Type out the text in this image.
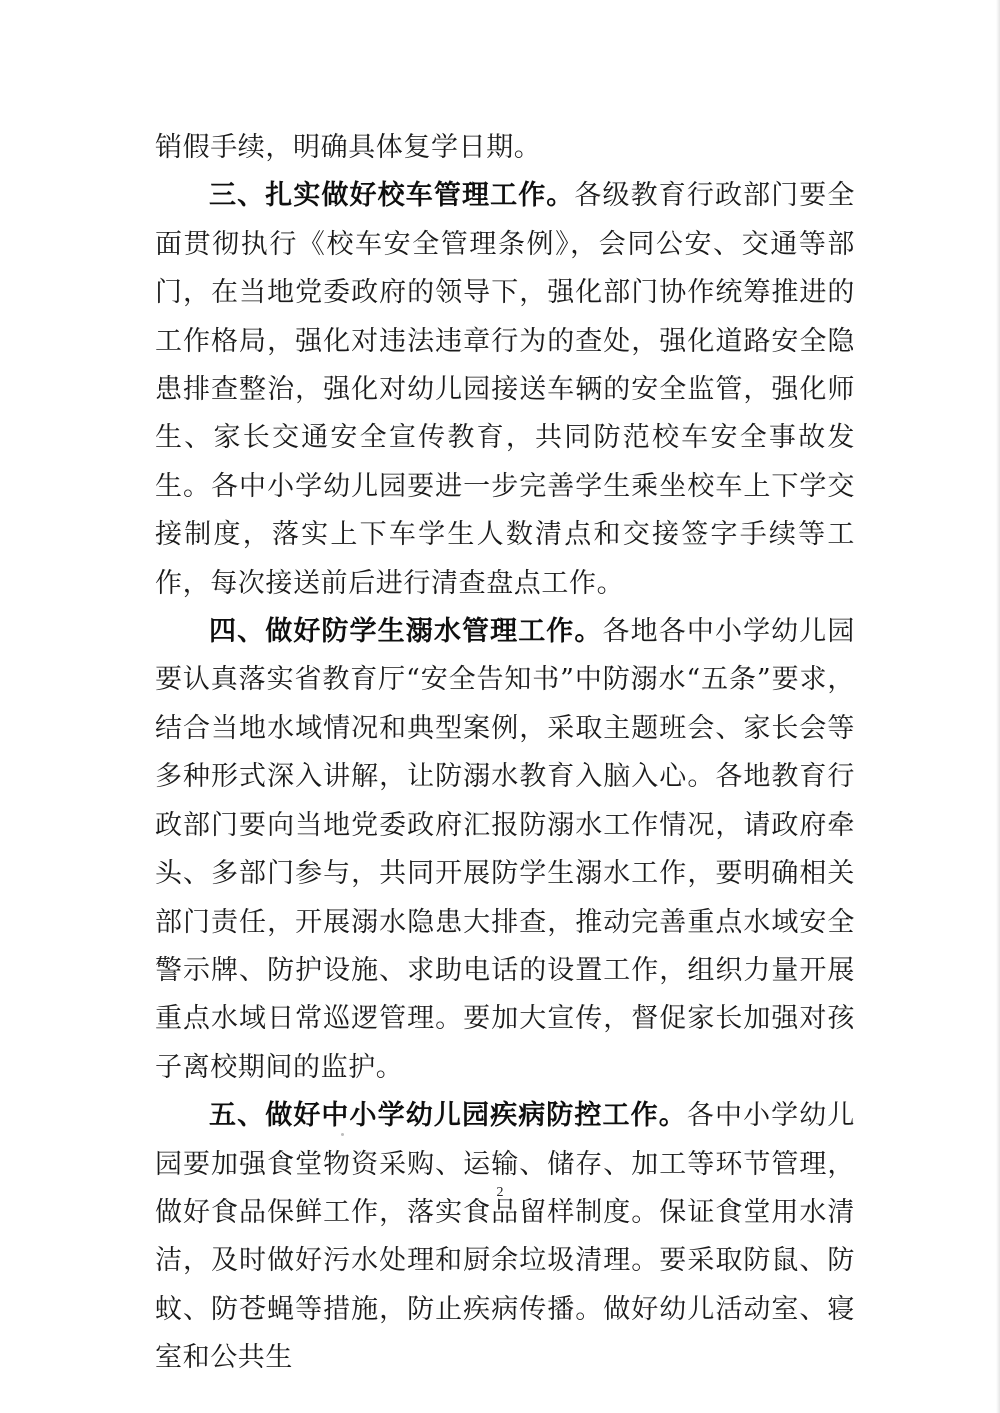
销假手续，明确具体复学日期。

三、扎实做好校车管理工作。各级教育行政部门要全面贯彻执行《校车安全管理条例》，会同公安、交通等部门，在当地党委政府的领导下，强化部门协作统筹推进的工作格局，强化对违法违章行为的查处，强化道路安全隐患排查整治，强化对幼儿园接送车辆的安全监管，强化师生、家长交通安全宣传教育，共同防范校车安全事故发生。各中小学幼儿园要进一步完善学生乘坐校车上下学交接制度，落实上下车学生人数清点和交接签字手续等工作，每次接送前后进行清查盘点工作。

四、做好防学生溺水管理工作。各地各中小学幼儿园要认真落实省教育厅“安全告知书”中防溺水“五条”要求，结合当地水域情况和典型案例，采取主题班会、家长会等多种形式深入讲解，让防溺水教育入脑入心。各地教育行政部门要向当地党委政府汇报防溺水工作情况，请政府牵头、多部门参与，共同开展防学生溺水工作，要明确相关部门责任，开展溺水隐患大排查，推动完善重点水域安全警示牌、防护设施、求助电话的设置工作，组织力量开展重点水域日常巡逻管理。要加大宣传，督促家长加强对孩子离校期间的监护。

五、做好中小学幼儿园疾病防控工作。各中小学幼儿园要加强食堂物资采购、运输、储存、加工等环节管理，做好食品保鲜工作，落实食品留样制度。保证食堂用水清洁，及时做好污水处理和厨余垃圾清理。要采取防鼠、防蚊、防苍蝇等措施，防止疾病传播。做好幼儿活动室、寝室和公共生

2
